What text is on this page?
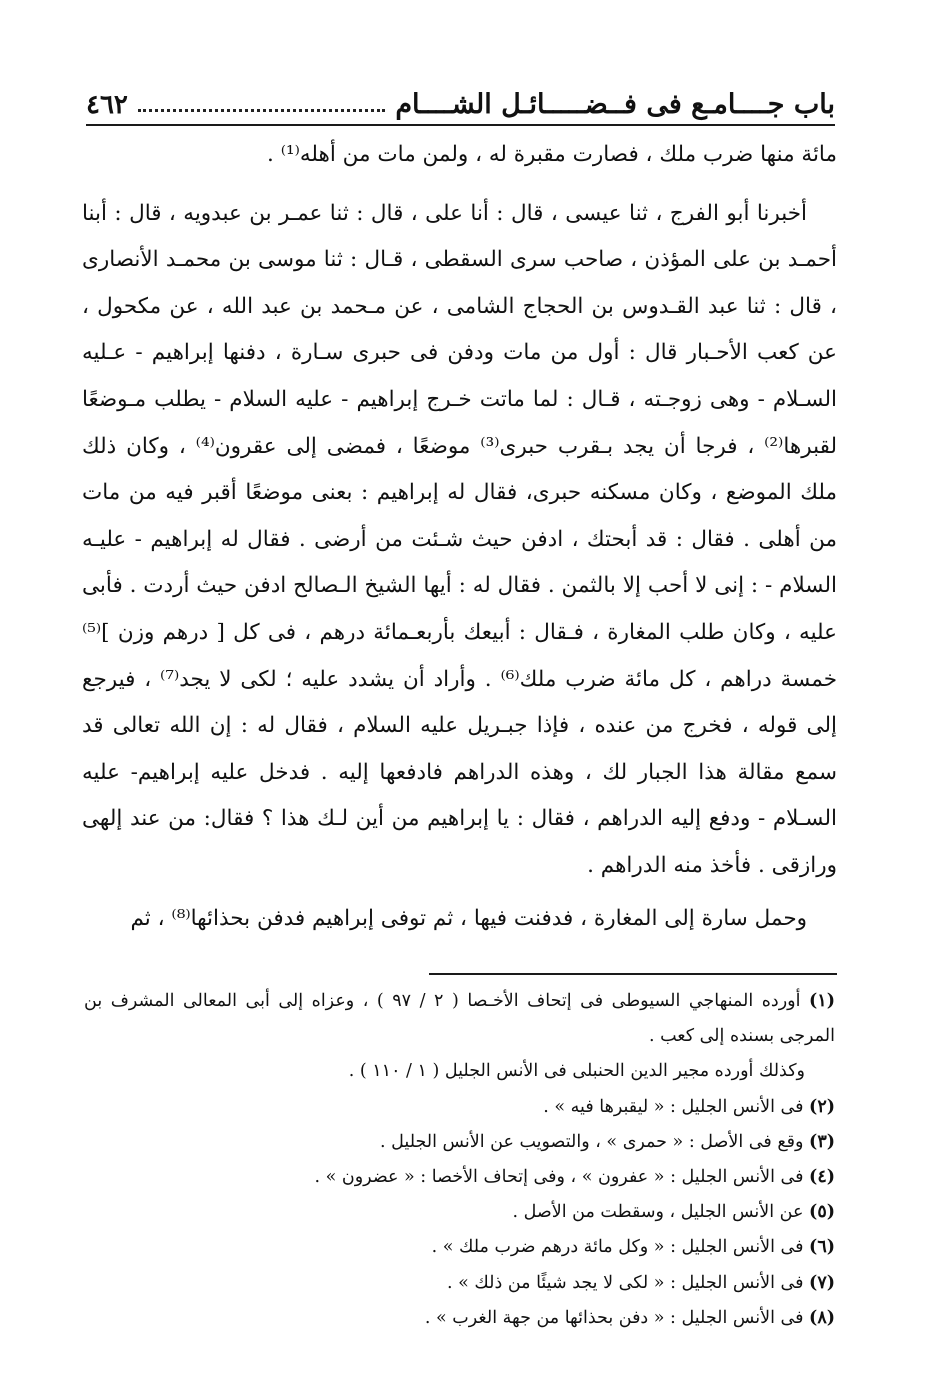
باب جــــامـع فى فــضـــــائـل الشــــام
٤٦٢

مائة منها ضرب ملك ، فصارت مقبرة له ، ولمن مات من أهله⁽¹⁾ .

أخبرنا أبو الفرج ، ثنا عيسى ، قال : أنا على ، قال : ثنا عمـر بن عبدويه ، قال : أبنا أحمـد بن على المؤذن ، صاحب سرى السقطى ، قـال : ثنا موسى بن محمـد الأنصارى ، قال : ثنا عبد القـدوس بن الحجاج الشامى ، عن مـحمد بن عبد الله ، عن مكحول ، عن كعب الأحـبار قال : أول من مات ودفن فى حبرى سـارة ، دفنها إبراهيم - عـليه السـلام - وهى زوجـته ، قـال : لما ماتت خـرج إبراهيم - عليه السلام - يطلب مـوضعًا لقبرها⁽²⁾ ، فرجا أن يجد بـقرب حبرى⁽³⁾ موضعًا ، فمضى إلى عقرون⁽⁴⁾ ، وكان ذلك ملك الموضع ، وكان مسكنه حبرى، فقال له إبراهيم : بعنى موضعًا أقبر فيه من مات من أهلى . فقال : قد أبحتك ، ادفن حيث شـئت من أرضى . فقال له إبراهيم - عليـه السلام - : إنى لا أحب إلا بالثمن . فقال له : أيها الشيخ الـصالح ادفن حيث أردت . فأبى عليه ، وكان طلب المغارة ، فـقال : أبيعك بأربعـمائة درهم ، فى كل [ درهم وزن ]⁽⁵⁾ خمسة دراهم ، كل مائة ضرب ملك⁽⁶⁾ . وأراد أن يشدد عليه ؛ لكى لا يجد⁽⁷⁾ ، فيرجع إلى قوله ، فخرج من عنده ، فإذا جبـريل عليه السلام ، فقال له : إن الله تعالى قد سمع مقالة هذا الجبار لك ، وهذه الدراهم فادفعها إليه . فدخل عليه إبراهيم- عليه السـلام - ودفع إليه الدراهم ، فقال : يا إبراهيم من أين لـك هذا ؟ فقال: من عند إلهى ورازقى . فأخذ منه الدراهم .

وحمل سارة إلى المغارة ، فدفنت فيها ، ثم توفى إبراهيم فدفن بحذائها⁽⁸⁾ ، ثم

(١) أورده المنهاجي السيوطى فى إتحاف الأخـصا ( ٢ / ٩٧ ) ، وعزاه إلى أبى المعالى المشرف بن المرجى بسنده إلى كعب .

وكذلك أورده مجير الدين الحنبلى فى الأنس الجليل ( ١ / ١١٠ ) .

(٢) فى الأنس الجليل : « ليقبرها فيه » .

(٣) وقع فى الأصل : « حمرى » ، والتصويب عن الأنس الجليل .

(٤) فى الأنس الجليل : « عفرون » ، وفى إتحاف الأخصا : « عضرون » .

(٥) عن الأنس الجليل ، وسقطت من الأصل .

(٦) فى الأنس الجليل : « وكل مائة درهم ضرب ملك » .

(٧) فى الأنس الجليل : « لكى لا يجد شيئًا من ذلك » .

(٨) فى الأنس الجليل : « دفن بحذائها من جهة الغرب » .
